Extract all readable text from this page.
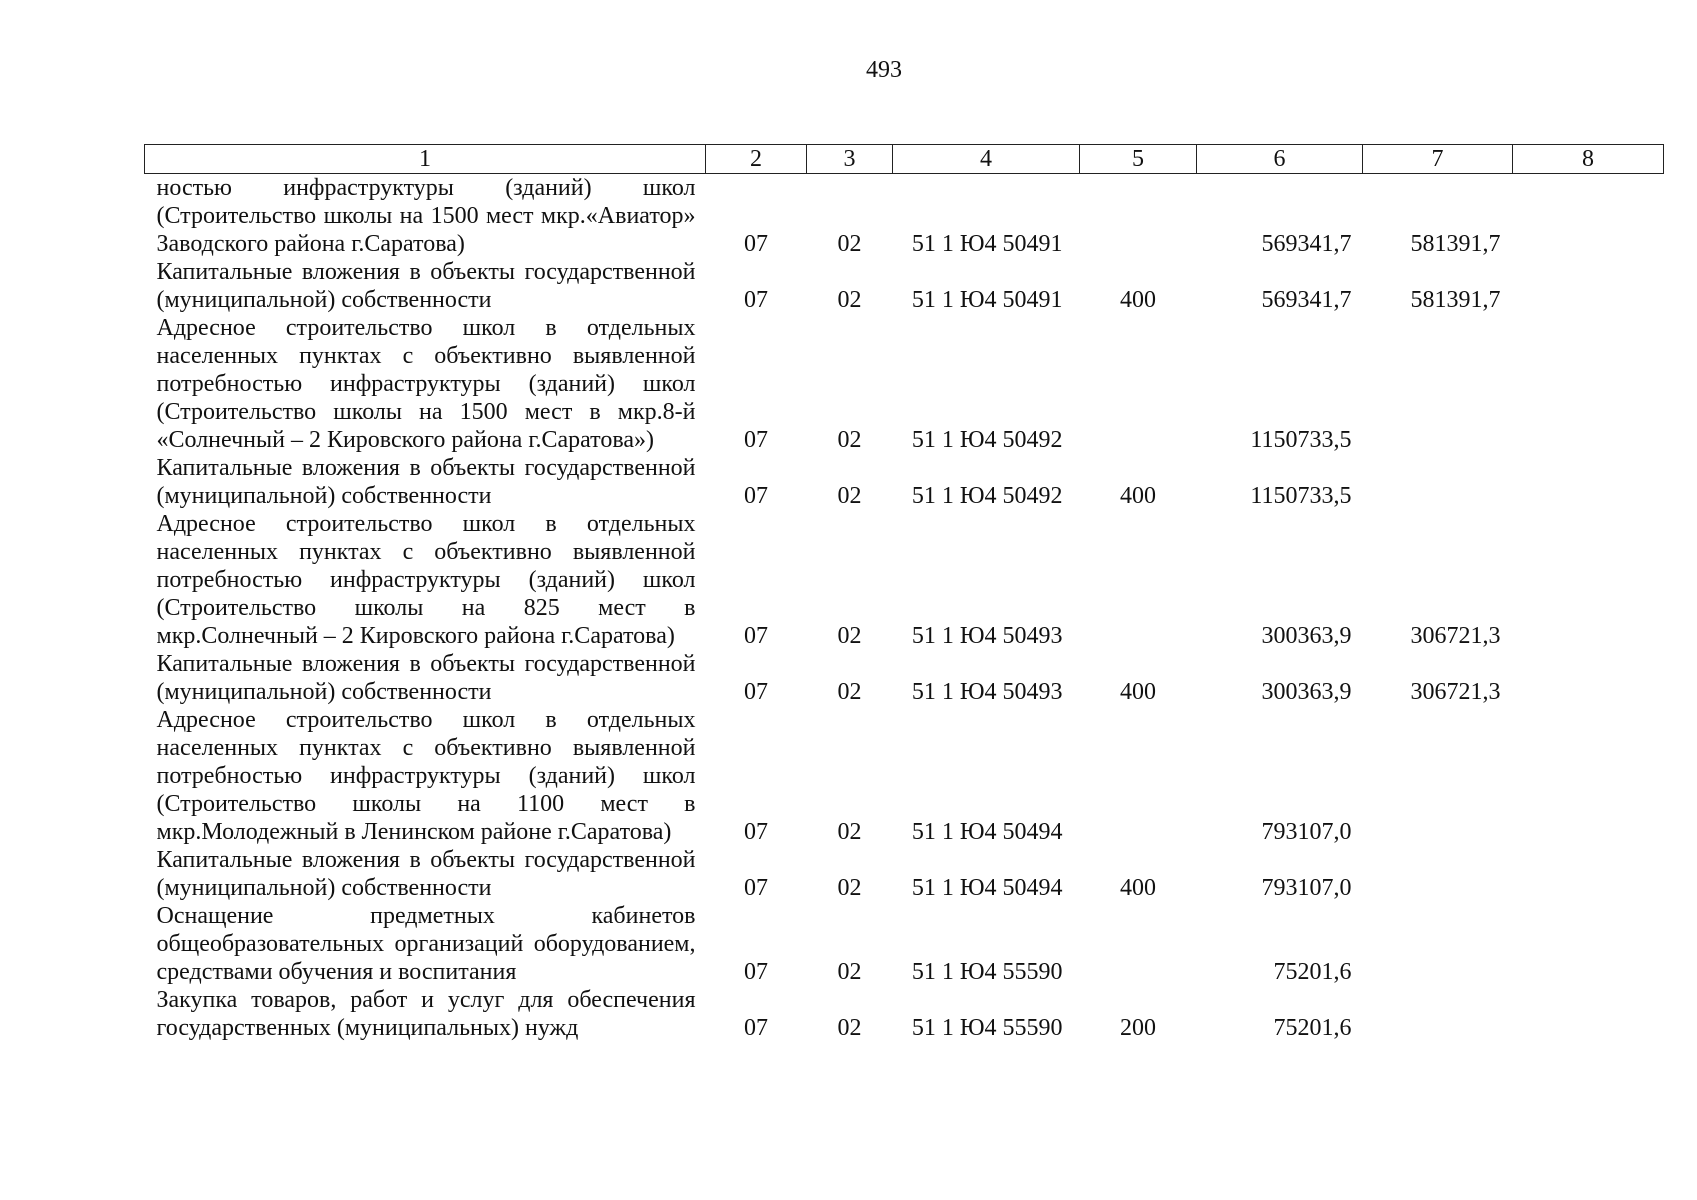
493
1	2	3	4	5	6	7	8
ностью инфраструктуры (зданий) школ (Строительство школы на 1500 мест мкр.«Авиатор» Заводского района г.Саратова)	07	02	51 1 Ю4 50491		569341,7	581391,7	
Капитальные вложения в объекты государственной (муниципальной) собственности	07	02	51 1 Ю4 50491	400	569341,7	581391,7	
Адресное строительство школ в отдельных населенных пунктах с объективно выявленной потребностью инфраструктуры (зданий) школ (Строительство школы на 1500 мест в мкр.8-й «Солнечный – 2 Кировского района г.Саратова»)	07	02	51 1 Ю4 50492		1150733,5		
Капитальные вложения в объекты государственной (муниципальной) собственности	07	02	51 1 Ю4 50492	400	1150733,5		
Адресное строительство школ в отдельных населенных пунктах с объективно выявленной потребностью инфраструктуры (зданий) школ (Строительство школы на 825 мест в мкр.Солнечный – 2 Кировского района г.Саратова)	07	02	51 1 Ю4 50493		300363,9	306721,3	
Капитальные вложения в объекты государственной (муниципальной) собственности	07	02	51 1 Ю4 50493	400	300363,9	306721,3	
Адресное строительство школ в отдельных населенных пунктах с объективно выявленной потребностью инфраструктуры (зданий) школ (Строительство школы на 1100 мест в мкр.Молодежный в Ленинском районе г.Саратова)	07	02	51 1 Ю4 50494		793107,0		
Капитальные вложения в объекты государственной (муниципальной) собственности	07	02	51 1 Ю4 50494	400	793107,0		
Оснащение предметных кабинетов общеобразовательных организаций оборудованием, средствами обучения и воспитания	07	02	51 1 Ю4 55590		75201,6		
Закупка товаров, работ и услуг для обеспечения государственных (муниципальных) нужд	07	02	51 1 Ю4 55590	200	75201,6		
